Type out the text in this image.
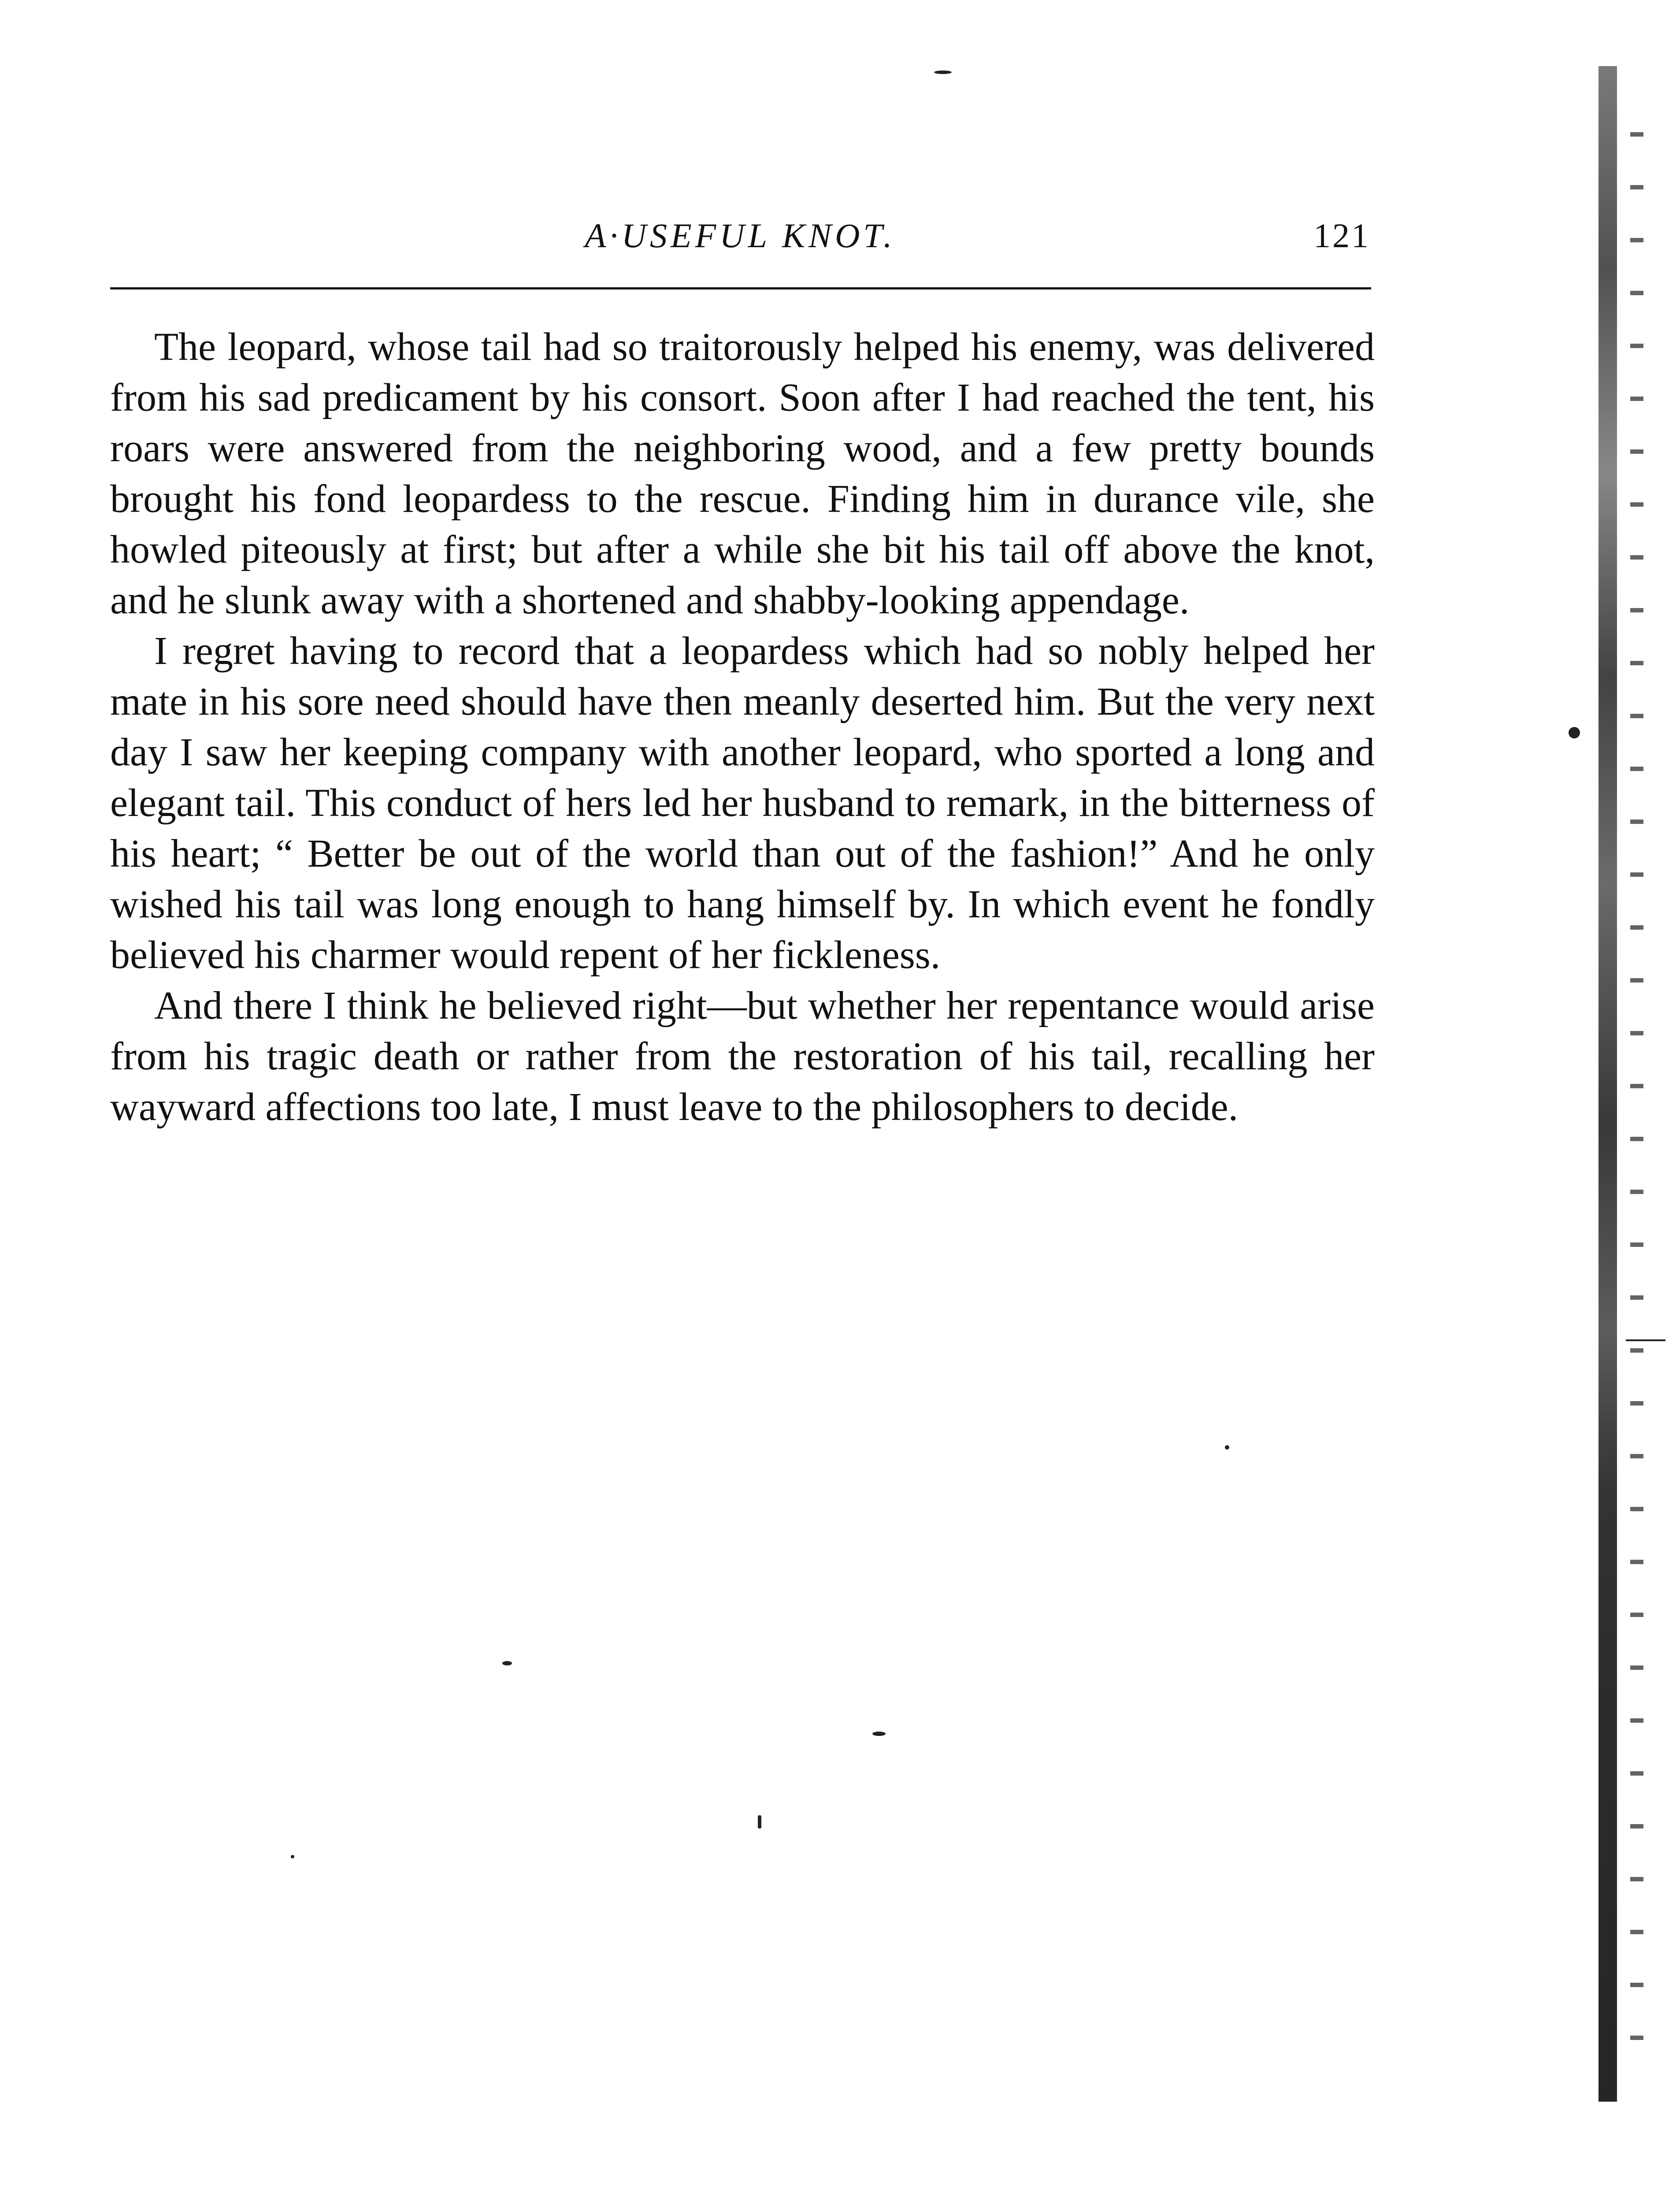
A·USEFUL KNOT.	121

The leopard, whose tail had so traitorously helped his enemy, was delivered from his sad predicament by his consort. Soon after I had reached the tent, his roars were answered from the neighboring wood, and a few pretty bounds brought his fond leopardess to the rescue. Finding him in durance vile, she howled piteously at first; but after a while she bit his tail off above the knot, and he slunk away with a shortened and shabby-looking appendage.

I regret having to record that a leopardess which had so nobly helped her mate in his sore need should have then meanly deserted him. But the very next day I saw her keeping company with another leopard, who sported a long and elegant tail. This conduct of hers led her husband to remark, in the bitterness of his heart; “ Better be out of the world than out of the fashion!” And he only wished his tail was long enough to hang himself by. In which event he fondly believed his charmer would repent of her fickleness.

And there I think he believed right—but whether her repentance would arise from his tragic death or rather from the restoration of his tail, recalling her wayward affections too late, I must leave to the philosophers to decide.
